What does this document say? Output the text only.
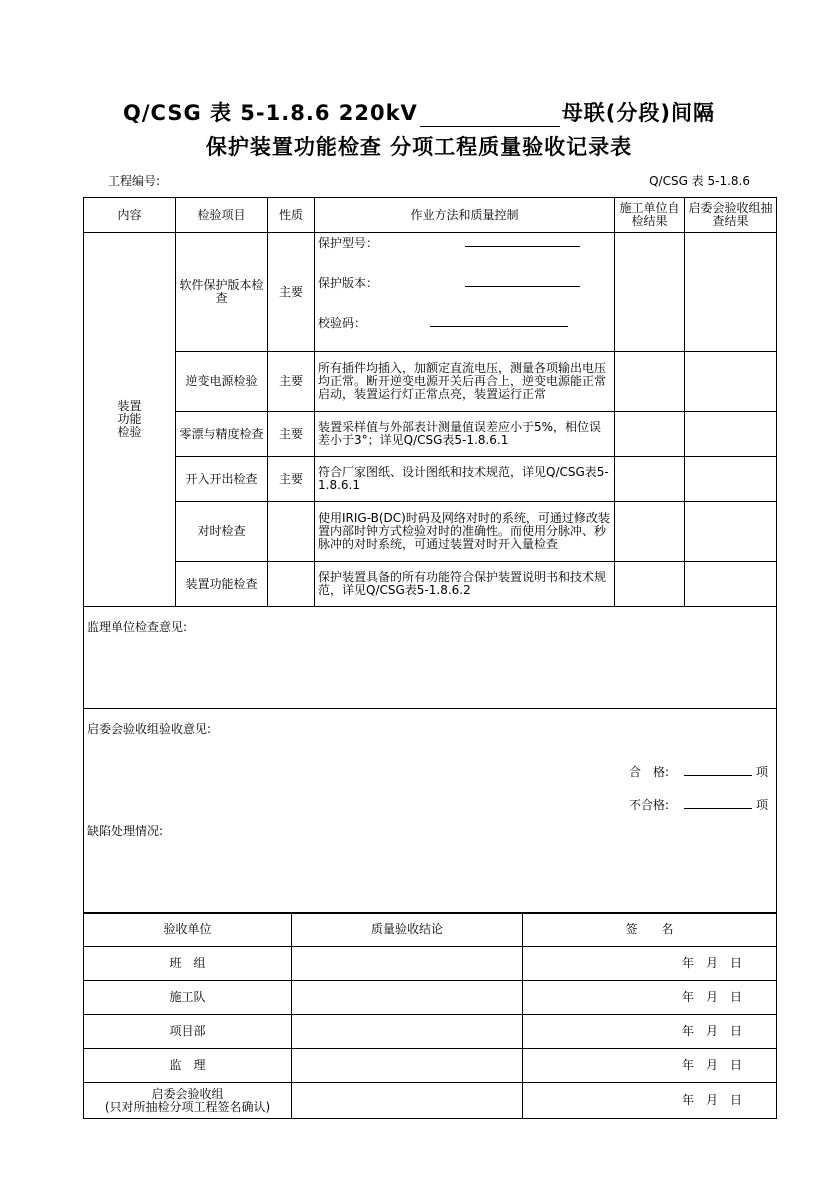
Q/CSG 表 5-1.8.6 220kV	母联(分段)间隔
保护装置功能检查 分项工程质量验收记录表
工程编号:	Q/CSG 表 5-1.8.6
内容	检验项目	性质	作业方法和质量控制	施工单位自检结果	启委会验收组抽查结果

装置功能检验	软件保护版本检查	主要	保护型号：
保护版本：
校验码：		

	逆变电源检验	主要	所有插件均插入，加额定直流电压，测量各项输出电压均正常。断开逆变电源开关后再合上，逆变电源能正常启动，装置运行灯正常点亮，装置运行正常		
	零漂与精度检查	主要	装置采样值与外部表计测量值误差应小于5%，相位误差小于3°；详见Q/CSG表5-1.8.6.1		
	开入开出检查	主要	符合厂家图纸、设计图纸和技术规范，详见Q/CSG表5-1.8.6.1		
	对时检查		使用IRIG-B(DC)时码及网络对时的系统，可通过修改装置内部时钟方式检验对时的准确性。而使用分脉冲、秒脉冲的对时系统，可通过装置对时开入量检查		
	装置功能检查		保护装置具备的所有功能符合保护装置说明书和技术规范，详见Q/CSG表5-1.8.6.2		
监理单位检查意见:
启委会验收组验收意见:
合　格:	项
不合格:	项
缺陷处理情况:
验收单位	质量验收结论	签　　名
班　组		年　月　日
施工队		年　月　日
项目部		年　月　日
监　理		年　月　日
启委会验收组
(只对所抽检分项工程签名确认)		年　月　日
